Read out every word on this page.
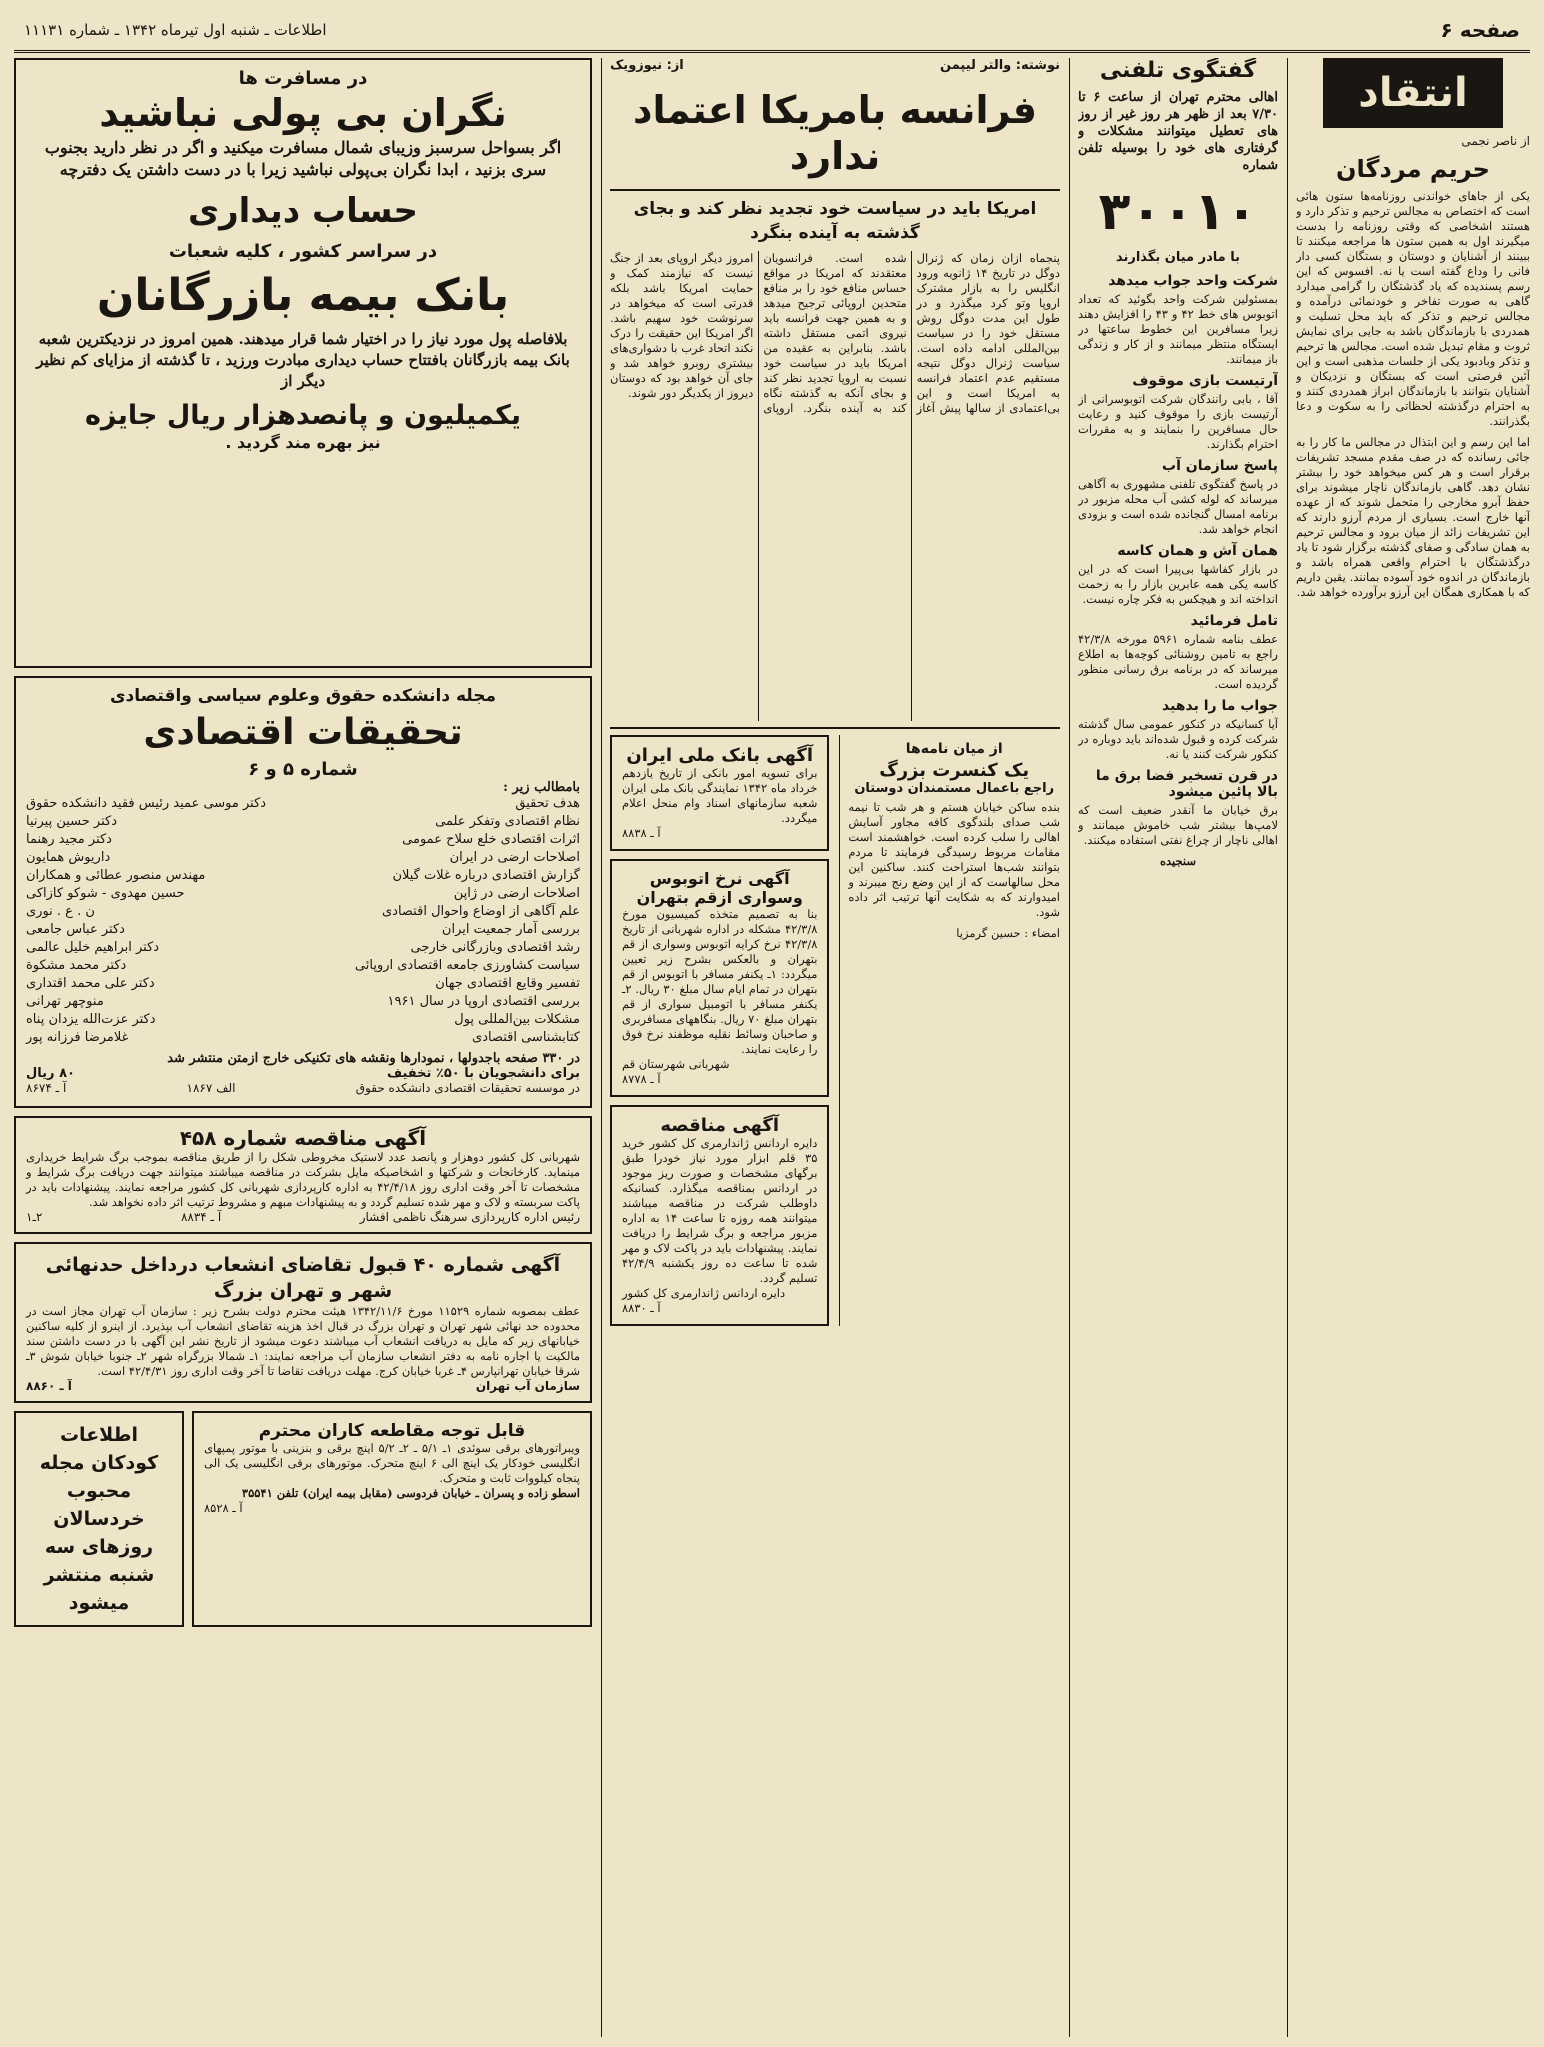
صفحه ۶
اطلاعات ـ شنبه اول تیرماه ۱۳۴۲ ـ شماره ۱۱۱۳۱
انتقاد
از ناصر نجمی
حریم مردگان
یکی از جاهای خواندنی روزنامه‌ها ستون هائی است که اختصاص به مجالس ترحیم و تذکر دارد و هستند اشخاصی که وقتی روزنامه را بدست میگیرند اول به همین ستون ها مراجعه میکنند تا ببینند از آشنایان و دوستان و بستگان کسی دار فانی را وداع گفته است یا نه. افسوس که این رسم پسندیده که یاد گذشتگان را گرامی میدارد گاهی به صورت تفاخر و خودنمائی درآمده و مجالس ترحیم و تذکر که باید محل تسلیت و همدردی با بازماندگان باشد به جایی برای نمایش ثروت و مقام تبدیل شده است. مجالس ها ترحیم و تذکر وبادبود یکی از جلسات مذهبی است و این آئین فرصتی است که بستگان و نزدیکان و آشنایان بتوانند با بازماندگان ابراز همدردی کنند و به احترام درگذشته لحظاتی را به سکوت و دعا بگذرانند.
اما این رسم و این ابتذال در مجالس ما کار را به جائی رسانده که در صف مقدم مسجد تشریفات برقرار است و هر کس میخواهد خود را بیشتر نشان دهد. گاهی بازماندگان ناچار میشوند برای حفظ آبرو مخارجی را متحمل شوند که از عهده آنها خارج است. بسیاری از مردم آرزو دارند که این تشریفات زائد از میان برود و مجالس ترحیم به همان سادگی و صفای گذشته برگزار شود تا یاد درگذشتگان با احترام واقعی همراه باشد و بازماندگان در اندوه خود آسوده بمانند. یقین داریم که با همکاری همگان این آرزو برآورده خواهد شد.
گفتگوی تلفنی
اهالی محترم تهران از ساعت ۶ تا ۷/۳۰ بعد از ظهر هر روز غیر از روز های تعطیل میتوانند مشکلات و گرفتاری های خود را بوسیله تلفن شماره
۳۰۰۱۰
با مادر میان بگذارند
شرکت واحد جواب میدهد
بمسئولین شرکت واحد بگوئید که تعداد اتوبوس های خط ۴۲ و ۴۳ را افزایش دهند زیرا مسافرین این خطوط ساعتها در ایستگاه منتظر میمانند و از کار و زندگی باز میمانند.
آرتیست بازی موقوف
آقا ، بابی رانندگان شرکت اتوبوسرانی از آرتیست بازی را موقوف کنید و رعایت حال مسافرین را بنمایند و به مقررات احترام بگذارند.
پاسخ سازمان آب
در پاسخ گفتگوی تلفنی مشهوری به آگاهی میرساند که لوله کشی آب محله مزبور در برنامه امسال گنجانده شده است و بزودی انجام خواهد شد.
همان آش و همان کاسه
در بازار کفاشها بی‌پیرا است که در این کاسه یکی همه عابرین بازار را به زحمت انداخته اند و هیچکس به فکر چاره نیست.
تامل فرمائید
عطف بنامه شماره ۵۹۶۱ مورخه ۴۲/۳/۸ راجع به تامین روشنائی کوچه‌ها به اطلاع میرساند که در برنامه برق رسانی منظور گردیده است.
جواب ما را بدهید
آیا کسانیکه در کنکور عمومی سال گذشته شرکت کرده و قبول شده‌اند باید دوباره در کنکور شرکت کنند یا نه.
در قرن تسخیر فضا برق ما بالا پائین میشود
برق خیابان ما آنقدر ضعیف است که لامپ‌ها بیشتر شب خاموش میمانند و اهالی ناچار از چراغ نفتی استفاده میکنند.
سنجیده
نوشته: والتر لیپمن
از: نیوزویک
فرانسه بامریکا اعتماد ندارد
امریکا باید در سیاست خود تجدید نظر کند و بجای گذشته به آینده بنگرد
پنجماه ازان زمان که ژنرال دوگل در تاریخ ۱۴ ژانویه ورود انگلیس را به بازار مشترک اروپا وتو کرد میگذرد و در طول این مدت دوگل روش مستقل خود را در سیاست بین‌المللی ادامه داده است. سیاست ژنرال دوگل نتیجه مستقیم عدم اعتماد فرانسه به امریکا است و این بی‌اعتمادی از سالها پیش آغاز شده است. فرانسویان معتقدند که امریکا در مواقع حساس منافع خود را بر منافع متحدین اروپائی ترجیح میدهد و به همین جهت فرانسه باید نیروی اتمی مستقل داشته باشد. بنابراین به عقیده من امریکا باید در سیاست خود نسبت به اروپا تجدید نظر کند و بجای آنکه به گذشته نگاه کند به آینده بنگرد. اروپای امروز دیگر اروپای بعد از جنگ نیست که نیازمند کمک و حمایت امریکا باشد بلکه قدرتی است که میخواهد در سرنوشت خود سهیم باشد. اگر امریکا این حقیقت را درک نکند اتحاد غرب با دشواری‌های بیشتری روبرو خواهد شد و جای آن خواهد بود که دوستان دیروز از یکدیگر دور شوند.
از میان نامه‌ها
یک کنسرت بزرگ
راجع باعمال مستمندان دوستان
بنده ساکن خیابان هستم و هر شب تا نیمه شب صدای بلندگوی کافه مجاور آسایش اهالی را سلب کرده است. خواهشمند است مقامات مربوط رسیدگی فرمایند تا مردم بتوانند شب‌ها استراحت کنند. ساکنین این محل سالهاست که از این وضع رنج میبرند و امیدوارند که به شکایت آنها ترتیب اثر داده شود.
امضاء : حسین گرمزیا
آگهی بانک ملی ایران
برای تسویه امور بانکی از تاریخ یازدهم خرداد ماه ۱۳۴۲ نمایندگی بانک ملی ایران شعبه سازمانهای اسناد وام منحل اعلام میگردد.
آ ـ ۸۸۳۸
آگهی نرخ اتوبوس وسواری ازقم بتهران
بنا به تصمیم متخذه کمیسیون مورخ ۴۲/۳/۸ مشکله در اداره شهربانی از تاریخ ۴۲/۳/۸ نرخ کرایه اتوبوس وسواری از قم بتهران و بالعکس بشرح زیر تعیین میگردد: ۱ـ یکنفر مسافر با اتوبوس از قم بتهران در تمام ایام سال مبلغ ۳۰ ریال. ۲ـ یکنفر مسافر با اتومبیل سواری از قم بتهران مبلغ ۷۰ ریال. بنگاههای مسافربری و صاحبان وسائط نقلیه موظفند نرخ فوق را رعایت نمایند.
شهربانی شهرستان قم
آ ـ ۸۷۷۸
آگهی مناقصه
دایره اردانس ژاندارمری کل کشور خرید ۳۵ قلم ابزار مورد نیاز خودرا طبق برگهای مشخصات و صورت ریز موجود در اردانس بمناقصه میگذارد. کسانیکه داوطلب شرکت در مناقصه میباشند میتوانند همه روزه تا ساعت ۱۴ به اداره مزبور مراجعه و برگ شرایط را دریافت نمایند. پیشنهادات باید در پاکت لاک و مهر شده تا ساعت ده روز یکشنبه ۴۲/۴/۹ تسلیم گردد.
دایره اردانس ژاندارمری کل کشور
آ ـ ۸۸۳۰
در مسافرت ها
نگران بی پولی نباشید
اگر بسواحل سرسبز وزیبای شمال مسافرت میکنید و اگر در نظر دارید بجنوب سری بزنید ، ابدا نگران بی‌پولی نباشید زیرا با در دست داشتن یک دفترچه
حساب دیداری
در سراسر کشور ، کلیه شعبات
بانک بیمه بازرگانان
بلافاصله پول مورد نیاز را در اختیار شما قرار میدهند. همین امروز در نزدیکترین شعبه بانک بیمه بازرگانان بافتتاح حساب دیداری مبادرت ورزید ، تا گذشته از مزایای کم نظیر دیگر از
یکمیلیون و پانصدهزار ریال جایزه
نیز بهره مند گردید .
مجله دانشکده حقوق وعلوم سیاسی واقتصادی
تحقیقات اقتصادی
شماره ۵ و ۶
بامطالب زیر :
هدف تحقیق
دکتر موسی عمید رئیس فقید دانشکده حقوق
نظام اقتصادی وتفکر علمی
دکتر حسین پیرنیا
اثرات اقتصادی خلع سلاح عمومی
دکتر مجید رهنما
اصلاحات ارضی در ایران
داریوش همایون
گزارش اقتصادی درباره غلات گیلان
مهندس منصور عطائی و همکاران
اصلاحات ارضی در ژاپن
حسین مهدوی - شوکو کازاکی
علم آگاهی از اوضاع واحوال اقتصادی
ن . ع . نوری
بررسی آمار جمعیت ایران
دکتر عباس جامعی
رشد اقتصادی وبازرگانی خارجی
دکتر ابراهیم خلیل عالمی
سیاست کشاورزی جامعه اقتصادی اروپائی
دکتر محمد مشکوة
تفسیر وقایع اقتصادی جهان
دکتر علی محمد اقتداری
بررسی اقتصادی اروپا در سال ۱۹۶۱
منوچهر تهرانی
مشکلات بین‌المللی پول
دکتر عزت‌الله یزدان پناه
کتابشناسی اقتصادی
غلامرضا فرزانه پور
در ۳۳۰ صفحه باجدولها ، نمودارها ونقشه های تکنیکی خارج ازمتن منتشر شد
برای دانشجویان با ۵۰٪ تخفیف
۸۰ ریال
در موسسه تحقیقات اقتصادی دانشکده حقوق
الف ۱۸۶۷
آ ـ ۸۶۷۴
آگهی مناقصه شماره ۴۵۸
شهربانی کل کشور دوهزار و پانصد عدد لاستیک مخروطی شکل را از طریق مناقصه بموجب برگ شرایط خریداری مینماید. کارخانجات و شرکتها و اشخاصیکه مایل بشرکت در مناقصه میباشند میتوانند جهت دریافت برگ شرایط و مشخصات تا آخر وقت اداری روز ۴۲/۴/۱۸ به اداره کارپردازی شهربانی کل کشور مراجعه نمایند. پیشنهادات باید در پاکت سربسته و لاک و مهر شده تسلیم گردد و به پیشنهادات مبهم و مشروط ترتیب اثر داده نخواهد شد.
رئیس اداره کارپردازی سرهنگ ناظمی افشار
آ ـ ۸۸۳۴
۲ـ۱
آگهی شماره ۴۰ قبول تقاضای انشعاب درداخل حدنهائی شهر و تهران بزرگ
عطف بمصوبه شماره ۱۱۵۲۹ مورخ ۱۳۴۲/۱۱/۶ هیئت محترم دولت بشرح زیر : سازمان آب تهران مجاز است در محدوده حد نهائی شهر تهران و تهران بزرگ در قبال اخذ هزینه تقاضای انشعاب آب بپذیرد. از اینرو از کلیه ساکنین خیابانهای زیر که مایل به دریافت انشعاب آب میباشند دعوت میشود از تاریخ نشر این آگهی با در دست داشتن سند مالکیت یا اجاره نامه به دفتر انشعاب سازمان آب مراجعه نمایند: ۱ـ شمالا بزرگراه شهر ۲ـ جنوبا خیابان شوش ۳ـ شرقا خیابان تهرانپارس ۴ـ غربا خیابان کرج. مهلت دریافت تقاضا تا آخر وقت اداری روز ۴۲/۴/۳۱ است.
سازمان آب تهران
آ ـ ۸۸۶۰
قابل توجه مقاطعه کاران محترم
ویبراتورهای برقی سوئدی ۱ـ ۵/۱ ـ ۲ـ ۵/۲ اینچ برقی و بنزینی با موتور پمپهای انگلیسی خودکار یک اینچ الی ۶ اینچ متحرک. موتورهای برقی انگلیسی یک الی پنجاه کیلووات ثابت و متحرک.
اسطو زاده و پسران ـ خیابان فردوسی (مقابل بیمه ایران) تلفن ۳۵۵۴۱
آ ـ ۸۵۲۸
اطلاعات کودکان مجله محبوب خردسالان روزهای سه شنبه منتشر میشود
